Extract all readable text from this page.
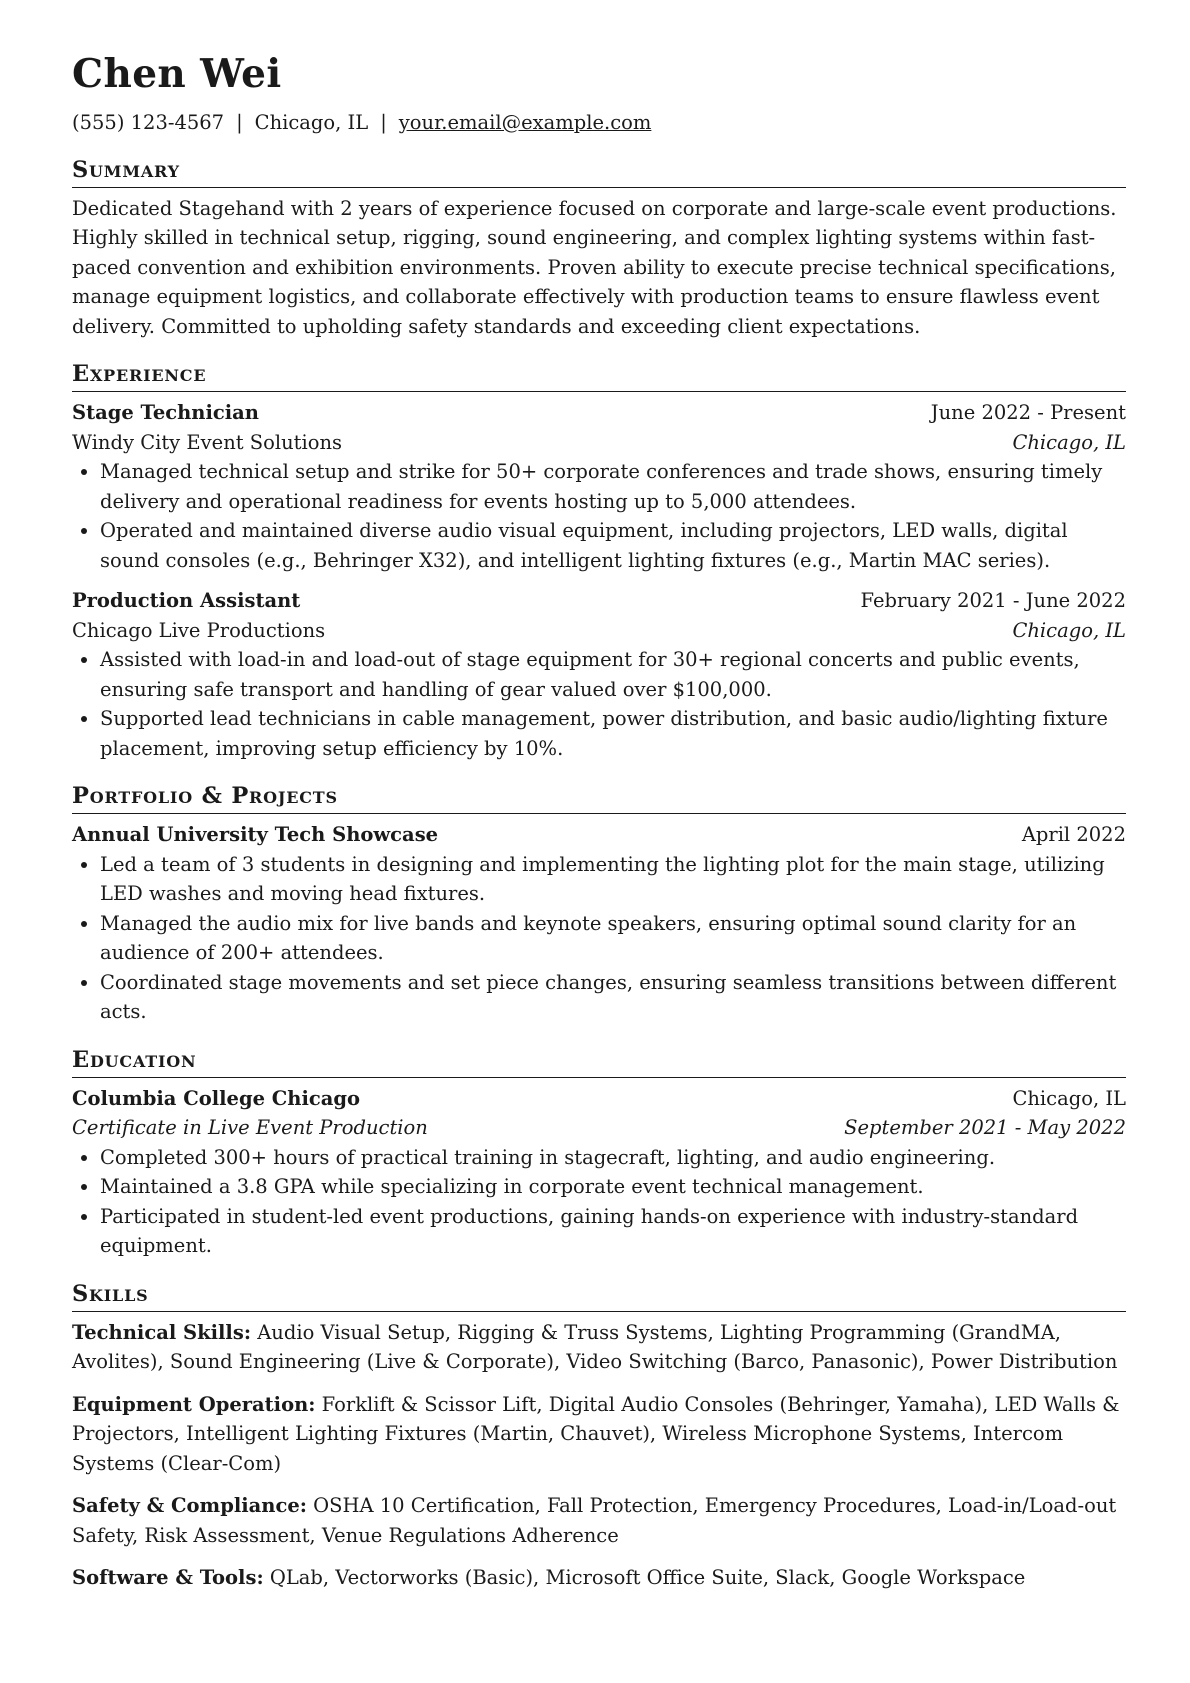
Chen Wei
(555) 123-4567 | Chicago, IL | your.email@example.com
Summary

Dedicated Stagehand with 2 years of experience focused on corporate and large-scale event productions. Highly skilled in technical setup, rigging, sound engineering, and complex lighting systems within fast-paced convention and exhibition environments. Proven ability to execute precise technical specifications, manage equipment logistics, and collaborate effectively with production teams to ensure flawless event delivery. Committed to upholding safety standards and exceeding client expectations.

Experience
Stage Technician	June 2022 - Present
Windy City Event Solutions	Chicago, IL
• Managed technical setup and strike for 50+ corporate conferences and trade shows, ensuring timely delivery and operational readiness for events hosting up to 5,000 attendees.
• Operated and maintained diverse audio visual equipment, including projectors, LED walls, digital sound consoles (e.g., Behringer X32), and intelligent lighting fixtures (e.g., Martin MAC series).
Production Assistant	February 2021 - June 2022
Chicago Live Productions	Chicago, IL
• Assisted with load-in and load-out of stage equipment for 30+ regional concerts and public events, ensuring safe transport and handling of gear valued over $100,000.
• Supported lead technicians in cable management, power distribution, and basic audio/lighting fixture placement, improving setup efficiency by 10%.
Portfolio & Projects
Annual University Tech Showcase	April 2022
• Led a team of 3 students in designing and implementing the lighting plot for the main stage, utilizing LED washes and moving head fixtures.
• Managed the audio mix for live bands and keynote speakers, ensuring optimal sound clarity for an audience of 200+ attendees.
• Coordinated stage movements and set piece changes, ensuring seamless transitions between different acts.
Education
Columbia College Chicago	Chicago, IL
Certificate in Live Event Production	September 2021 - May 2022
• Completed 300+ hours of practical training in stagecraft, lighting, and audio engineering.
• Maintained a 3.8 GPA while specializing in corporate event technical management.
• Participated in student-led event productions, gaining hands-on experience with industry-standard equipment.
Skills

Technical Skills: Audio Visual Setup, Rigging & Truss Systems, Lighting Programming (GrandMA, Avolites), Sound Engineering (Live & Corporate), Video Switching (Barco, Panasonic), Power Distribution

Equipment Operation: Forklift & Scissor Lift, Digital Audio Consoles (Behringer, Yamaha), LED Walls & Projectors, Intelligent Lighting Fixtures (Martin, Chauvet), Wireless Microphone Systems, Intercom Systems (Clear-Com)

Safety & Compliance: OSHA 10 Certification, Fall Protection, Emergency Procedures, Load-in/Load-out Safety, Risk Assessment, Venue Regulations Adherence

Software & Tools: QLab, Vectorworks (Basic), Microsoft Office Suite, Slack, Google Workspace
